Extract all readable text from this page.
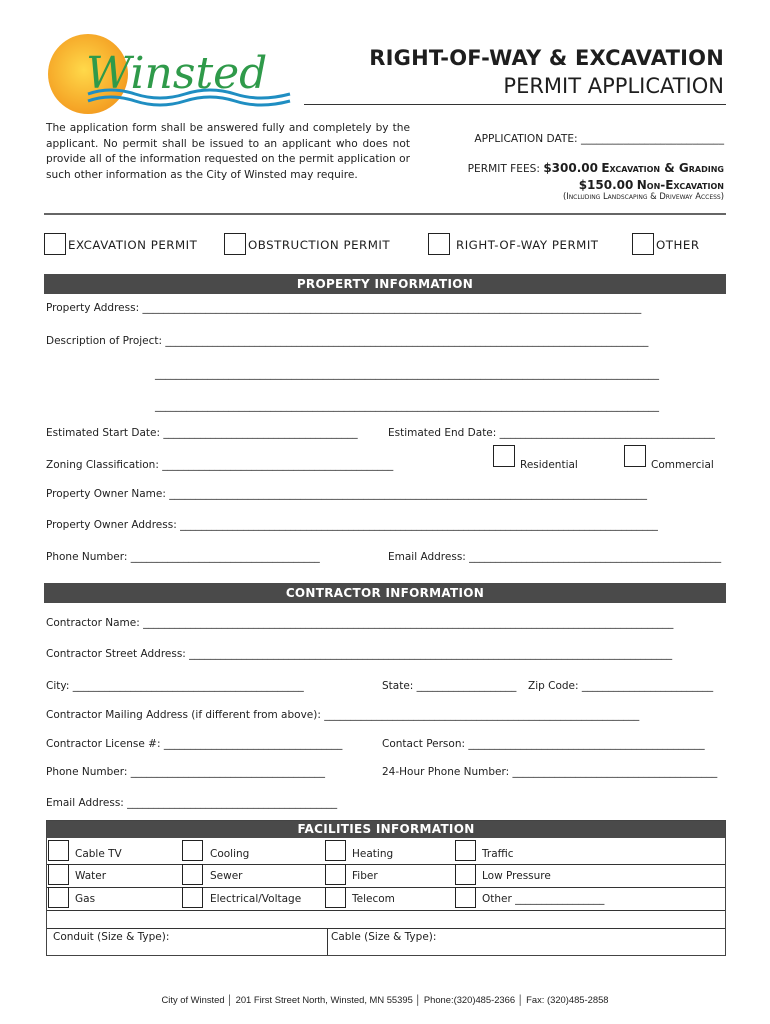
Winsted	RIGHT-OF-WAY & EXCAVATION
PERMIT APPLICATION
The application form shall be answered fully and completely by the applicant. No permit shall be issued to an applicant who does not provide all of the information requested on the permit application or such other information as the City of Winsted may require.
APPLICATION DATE: ___________________________
PERMIT FEES: $300.00 Excavation & Grading
$150.00 Non-Excavation
(Including Landscaping & Driveway Access)
EXCAVATION PERMIT	OBSTRUCTION PERMIT	RIGHT-OF-WAY PERMIT	OTHER
PROPERTY INFORMATION
Property Address: _______________________________________________________________________________________________
Description of Project: ____________________________________________________________________________________________
________________________________________________________________________________________________
________________________________________________________________________________________________
Estimated Start Date: _____________________________________	Estimated End Date: _________________________________________
Zoning Classification: ____________________________________________	Residential	Commercial
Property Owner Name: ___________________________________________________________________________________________
Property Owner Address: ___________________________________________________________________________________________
Phone Number: ____________________________________	Email Address: ________________________________________________
CONTRACTOR INFORMATION
Contractor Name: _____________________________________________________________________________________________________
Contractor Street Address: ____________________________________________________________________________________________
City: ____________________________________________	State: ___________________ Zip Code: _________________________
Contractor Mailing Address (if different from above): ____________________________________________________________
Contractor License #: __________________________________	Contact Person: _____________________________________________
Phone Number: _____________________________________	24-Hour Phone Number: _______________________________________
Email Address: ________________________________________
FACILITIES INFORMATION
Cable TV	Cooling	Heating	Traffic
Water	Sewer	Fiber	Low Pressure
Gas	Electrical/Voltage	Telecom	Other _________________
Conduit (Size & Type):	Cable (Size & Type):
City of Winsted │ 201 First Street North, Winsted, MN 55395 │ Phone:(320)485-2366 │ Fax: (320)485-2858
